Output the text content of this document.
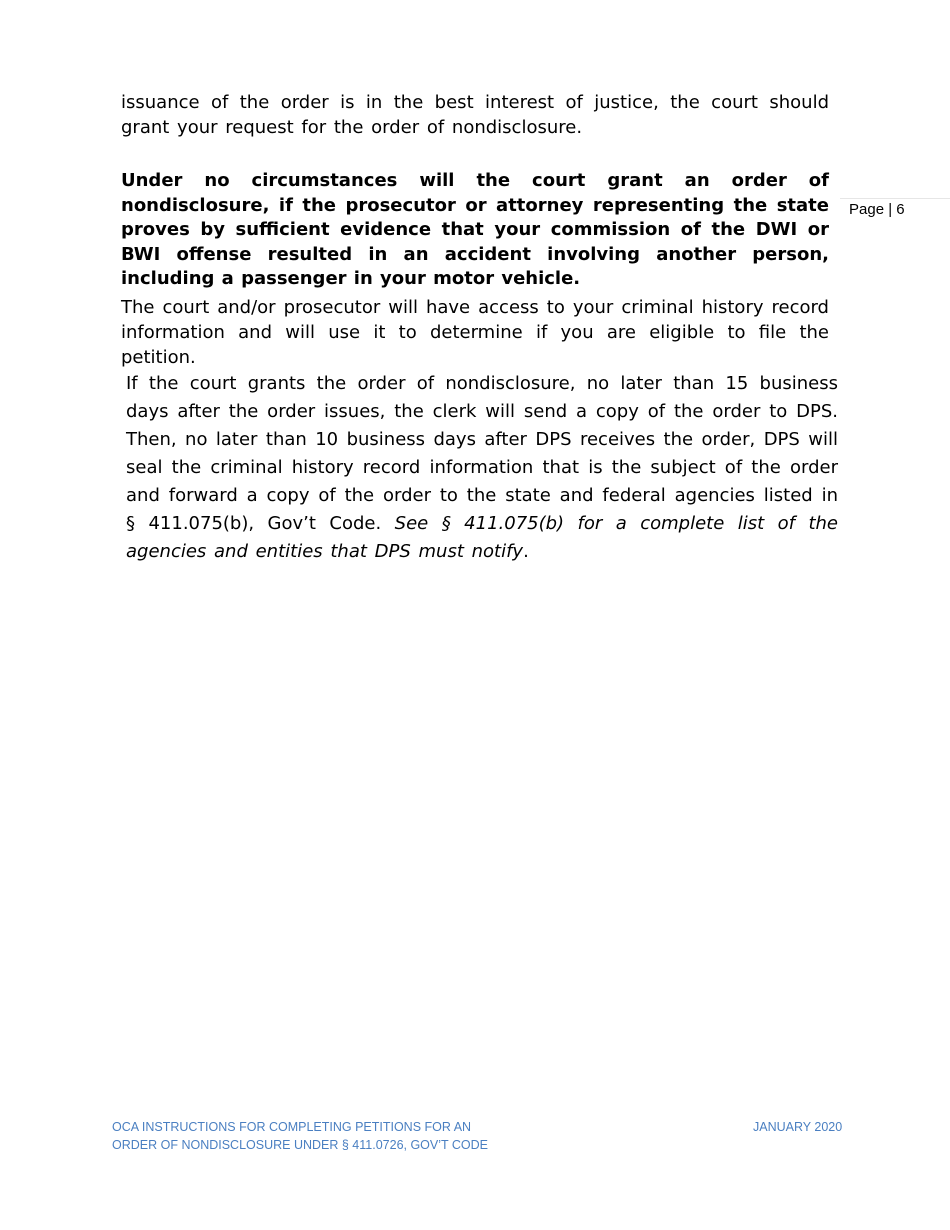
issuance of the order is in the best interest of justice, the court should grant your request for the order of nondisclosure.

Under no circumstances will the court grant an order of nondisclosure, if the prosecutor or attorney representing the state proves by sufficient evidence that your commission of the DWI or BWI offense resulted in an accident involving another person, including a passenger in your motor vehicle.

Page | 6

The court and/or prosecutor will have access to your criminal history record information and will use it to determine if you are eligible to file the petition.

If the court grants the order of nondisclosure, no later than 15 business days after the order issues, the clerk will send a copy of the order to DPS. Then, no later than 10 business days after DPS receives the order, DPS will seal the criminal history record information that is the subject of the order and forward a copy of the order to the state and federal agencies listed in § 411.075(b), Gov’t Code. See § 411.075(b) for a complete list of the agencies and entities that DPS must notify.

OCA INSTRUCTIONS FOR COMPLETING PETITIONS FOR AN
ORDER OF NONDISCLOSURE UNDER § 411.0726, GOV’T CODE
JANUARY 2020
